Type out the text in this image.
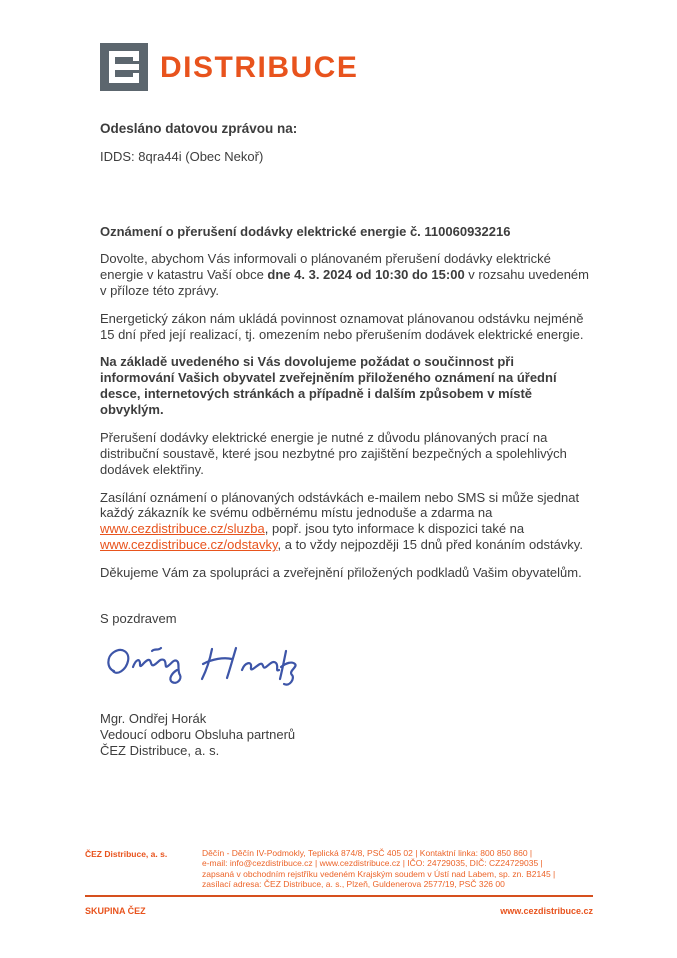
DISTRIBUCE
Odesláno datovou zprávou na:
IDDS: 8qra44i (Obec Nekoř)
Oznámení o přerušení dodávky elektrické energie č. 110060932216

Dovolte, abychom Vás informovali o plánovaném přerušení dodávky elektrické energie v katastru Vaší obce dne 4. 3. 2024 od 10:30 do 15:00 v rozsahu uvedeném v příloze této zprávy.

Energetický zákon nám ukládá povinnost oznamovat plánovanou odstávku nejméně 15 dní před její realizací, tj. omezením nebo přerušením dodávek elektrické energie.

Na základě uvedeného si Vás dovolujeme požádat o součinnost při informování Vašich obyvatel zveřejněním přiloženého oznámení na úřední desce, internetových stránkách a případně i dalším způsobem v místě obvyklým.

Přerušení dodávky elektrické energie je nutné z důvodu plánovaných prací na distribuční soustavě, které jsou nezbytné pro zajištění bezpečných a spolehlivých dodávek elektřiny.

Zasílání oznámení o plánovaných odstávkách e-mailem nebo SMS si může sjednat každý zákazník ke svému odběrnému místu jednoduše a zdarma na www.cezdistribuce.cz/sluzba, popř. jsou tyto informace k dispozici také na www.cezdistribuce.cz/odstavky, a to vždy nejpozději 15 dnů před konáním odstávky.

Děkujeme Vám za spolupráci a zveřejnění přiložených podkladů Vašim obyvatelům.

S pozdravem
Mgr. Ondřej Horák
Vedoucí odboru Obsluha partnerů
ČEZ Distribuce, a. s.
ČEZ Distribuce, a. s.	Děčín - Děčín IV-Podmokly, Teplická 874/8, PSČ 405 02 | Kontaktní linka: 800 850 860 |
e-mail: info@cezdistribuce.cz | www.cezdistribuce.cz | IČO: 24729035, DIČ: CZ24729035 |
zapsaná v obchodním rejstříku vedeném Krajským soudem v Ústí nad Labem, sp. zn. B2145 |
zasílací adresa: ČEZ Distribuce, a. s., Plzeň, Guldenerova 2577/19, PSČ 326 00
SKUPINA ČEZ	www.cezdistribuce.cz
